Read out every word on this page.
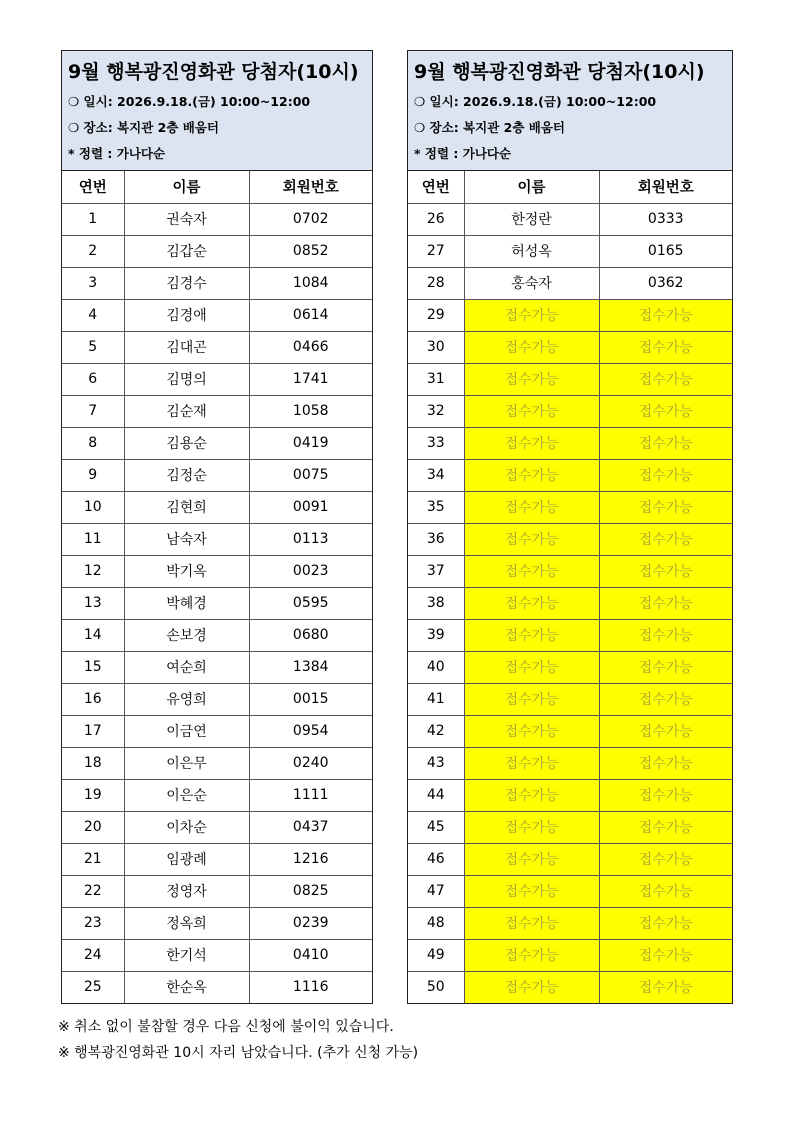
9월 행복광진영화관 당첨자(10시)
❍ 일시: 2026.9.18.(금) 10:00~12:00
❍ 장소: 복지관 2층 배움터
* 정렬 : 가나다순
연번	이름	회원번호
1	권숙자	0702
2	김갑순	0852
3	김경수	1084
4	김경애	0614
5	김대곤	0466
6	김명의	1741
7	김순재	1058
8	김용순	0419
9	김정순	0075
10	김현희	0091
11	남숙자	0113
12	박기옥	0023
13	박혜경	0595
14	손보경	0680
15	여순희	1384
16	유영희	0015
17	이금연	0954
18	이은무	0240
19	이은순	1111
20	이차순	0437
21	임광례	1216
22	정영자	0825
23	정옥희	0239
24	한기석	0410
25	한순옥	1116
9월 행복광진영화관 당첨자(10시)
❍ 일시: 2026.9.18.(금) 10:00~12:00
❍ 장소: 복지관 2층 배움터
* 정렬 : 가나다순
연번	이름	회원번호
26	한정란	0333
27	허성옥	0165
28	홍숙자	0362
29	접수가능	접수가능
30	접수가능	접수가능
31	접수가능	접수가능
32	접수가능	접수가능
33	접수가능	접수가능
34	접수가능	접수가능
35	접수가능	접수가능
36	접수가능	접수가능
37	접수가능	접수가능
38	접수가능	접수가능
39	접수가능	접수가능
40	접수가능	접수가능
41	접수가능	접수가능
42	접수가능	접수가능
43	접수가능	접수가능
44	접수가능	접수가능
45	접수가능	접수가능
46	접수가능	접수가능
47	접수가능	접수가능
48	접수가능	접수가능
49	접수가능	접수가능
50	접수가능	접수가능
※ 취소 없이 불참할 경우 다음 신청에 불이익 있습니다.
※ 행복광진영화관 10시 자리 남았습니다. (추가 신청 가능)
